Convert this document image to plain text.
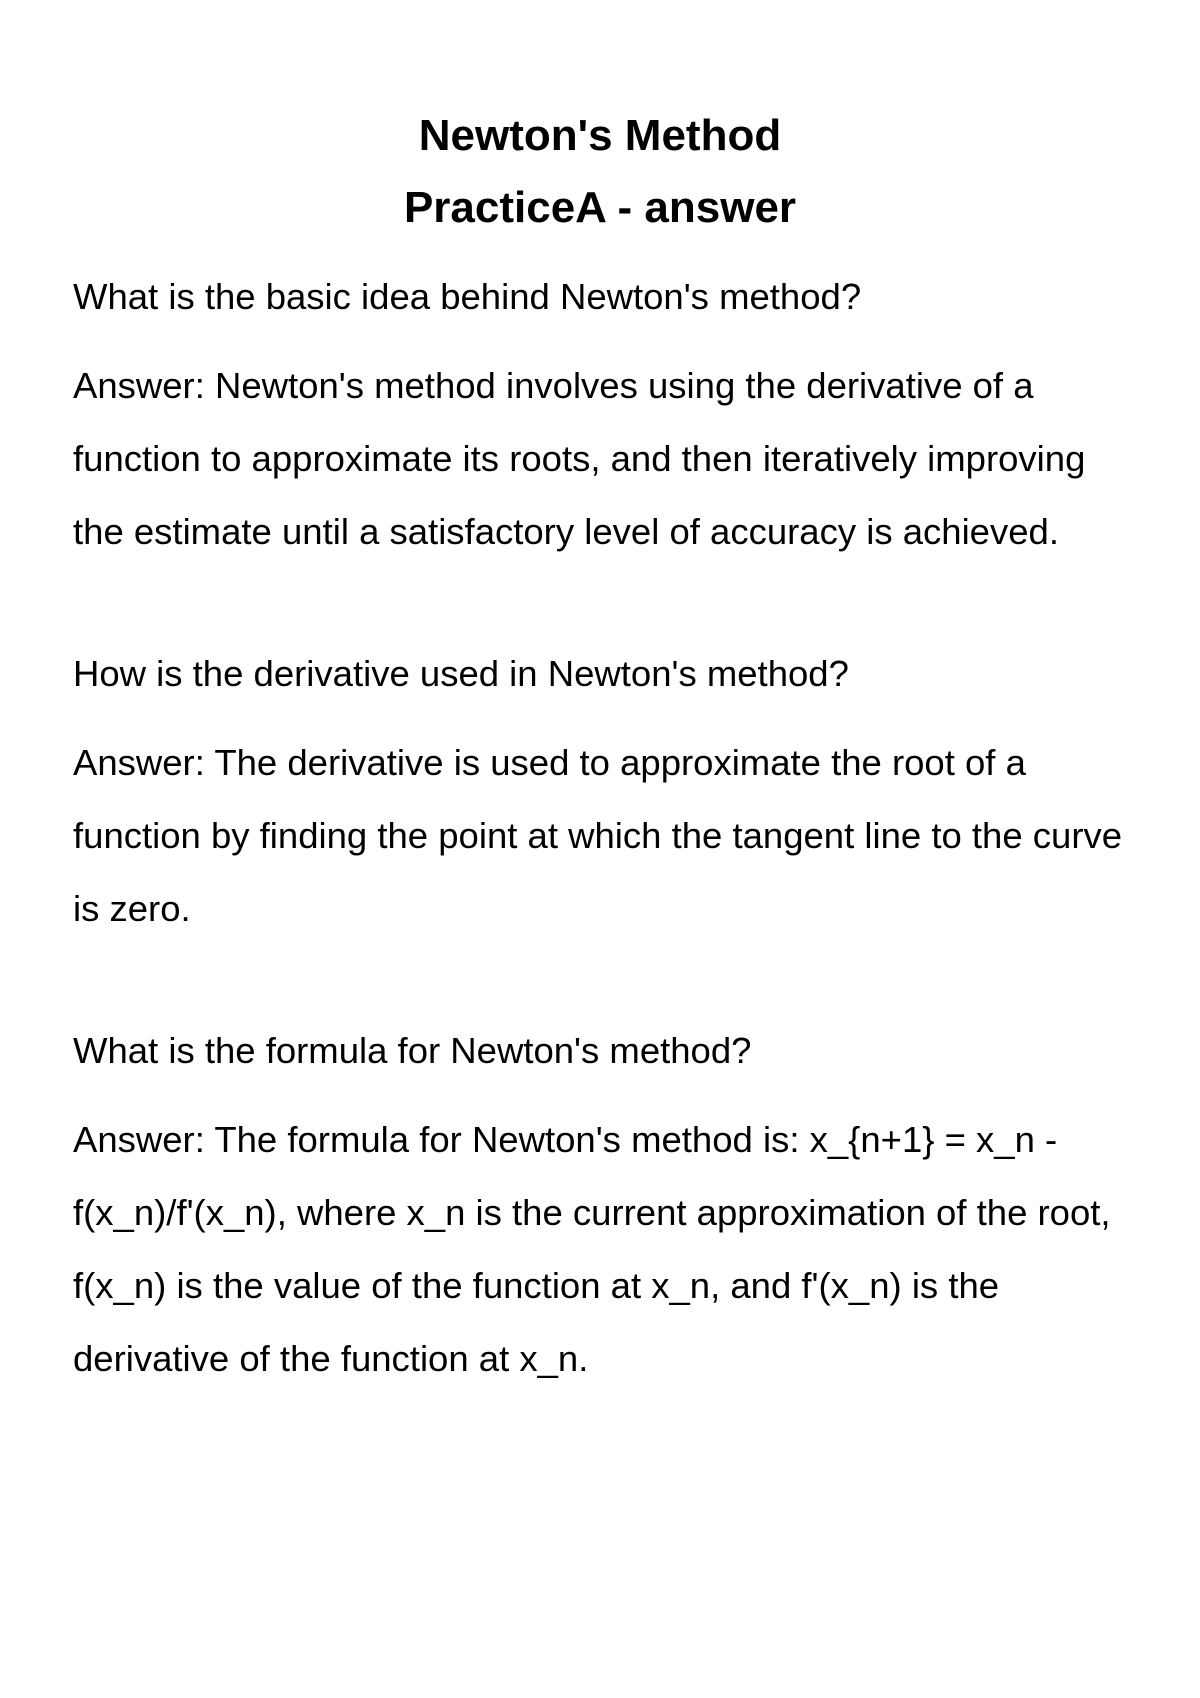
Newton's Method
PracticeA - answer

What is the basic idea behind Newton's method?

Answer: Newton's method involves using the derivative of a function to approximate its roots, and then iteratively improving the estimate until a satisfactory level of accuracy is achieved.

How is the derivative used in Newton's method?

Answer: The derivative is used to approximate the root of a function by finding the point at which the tangent line to the curve is zero.

What is the formula for Newton's method?

Answer: The formula for Newton's method is: x_{n+1} = x_n - f(x_n)/f'(x_n), where x_n is the current approximation of the root, f(x_n) is the value of the function at x_n, and f'(x_n) is the derivative of the function at x_n.
